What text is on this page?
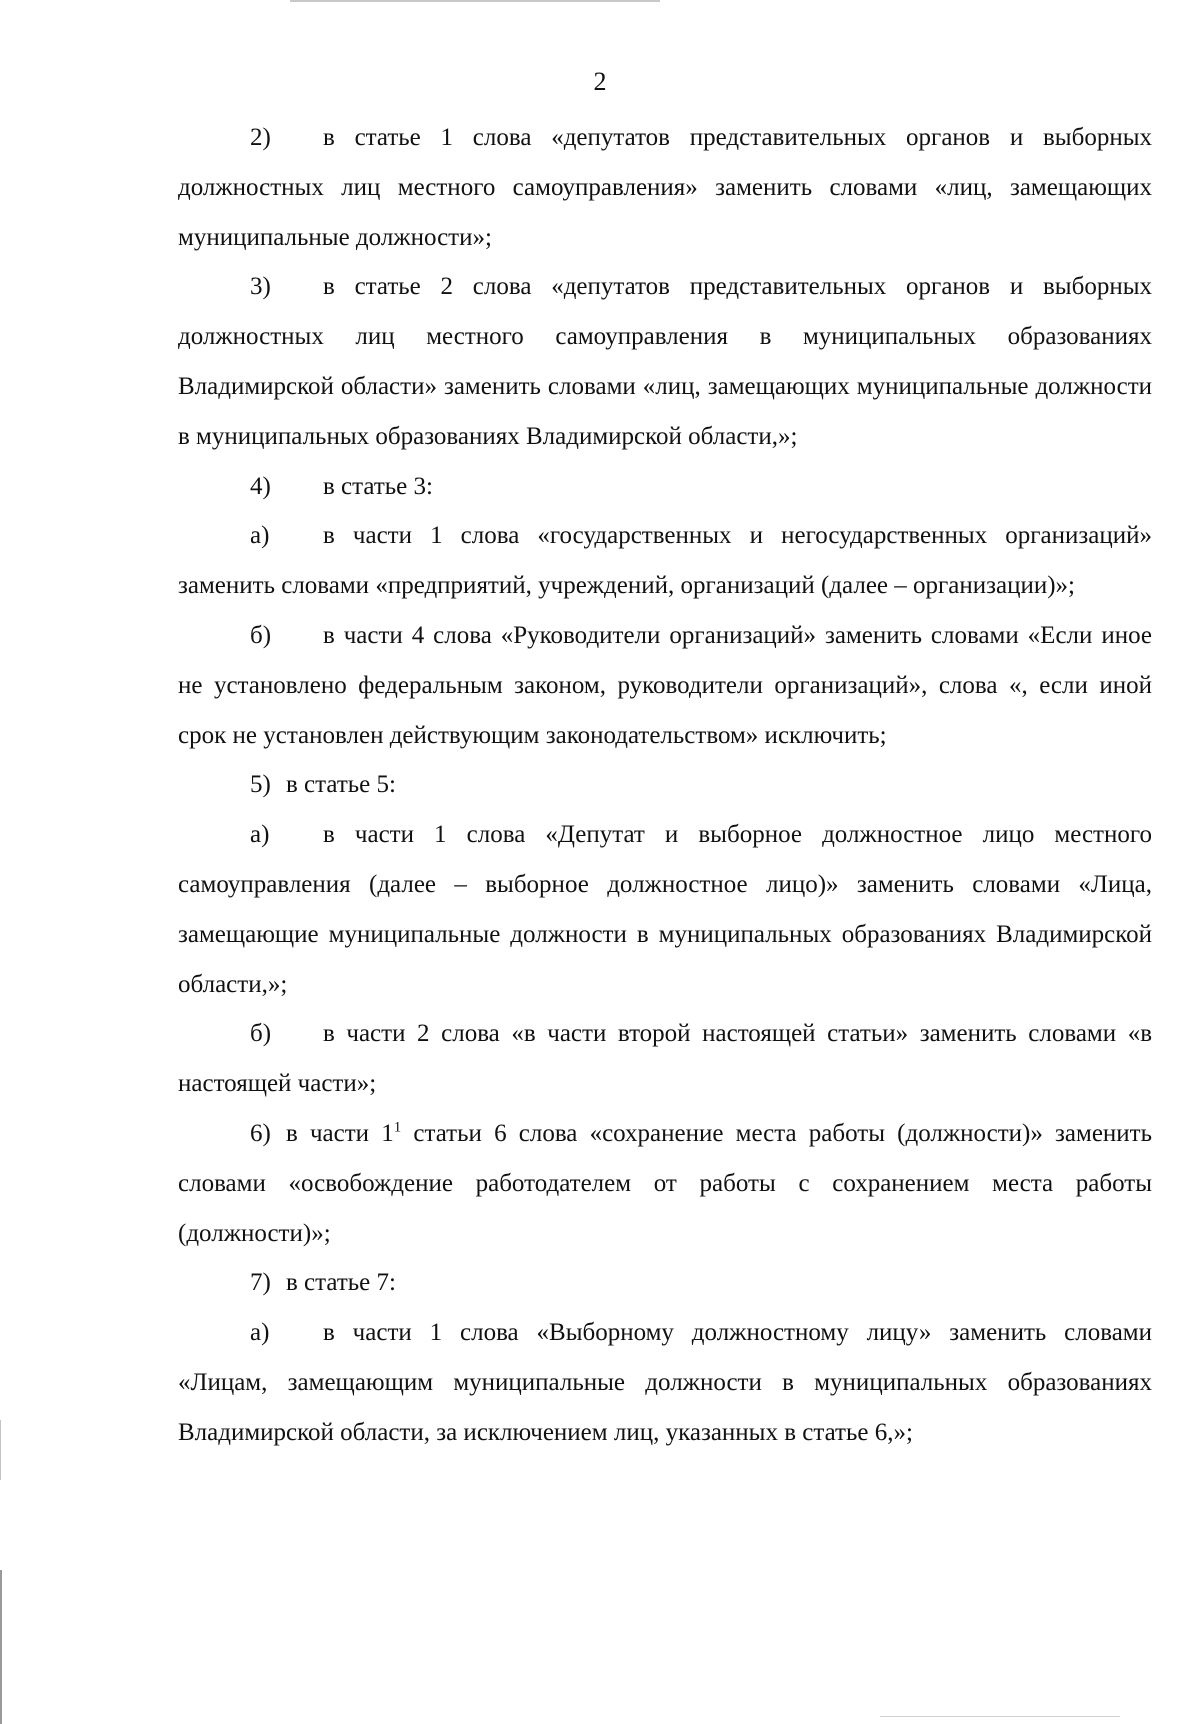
2

2) в статье 1 слова «депутатов представительных органов и выборных должностных лиц местного самоуправления» заменить словами «лиц, замещающих муниципальные должности»;

3) в статье 2 слова «депутатов представительных органов и выборных должностных лиц местного самоуправления в муниципальных образованиях Владимирской области» заменить словами «лиц, замещающих муниципальные должности в муниципальных образованиях Владимирской области,»;

4) в статье 3:

а) в части 1 слова «государственных и негосударственных организаций» заменить словами «предприятий, учреждений, организаций (далее – организации)»;

б) в части 4 слова «Руководители организаций» заменить словами «Если иное не установлено федеральным законом, руководители организаций», слова «, если иной срок не установлен действующим законодательством» исключить;

5) в статье 5:

а) в части 1 слова «Депутат и выборное должностное лицо местного самоуправления (далее – выборное должностное лицо)» заменить словами «Лица, замещающие муниципальные должности в муниципальных образованиях Владимирской области,»;

б) в части 2 слова «в части второй настоящей статьи» заменить словами «в настоящей части»;

6) в части $1^1$ статьи 6 слова «сохранение места работы (должности)» заменить словами «освобождение работодателем от работы с сохранением места работы (должности)»;

7) в статье 7:

а) в части 1 слова «Выборному должностному лицу» заменить словами «Лицам, замещающим муниципальные должности в муниципальных образованиях Владимирской области, за исключением лиц, указанных в статье 6,»;
